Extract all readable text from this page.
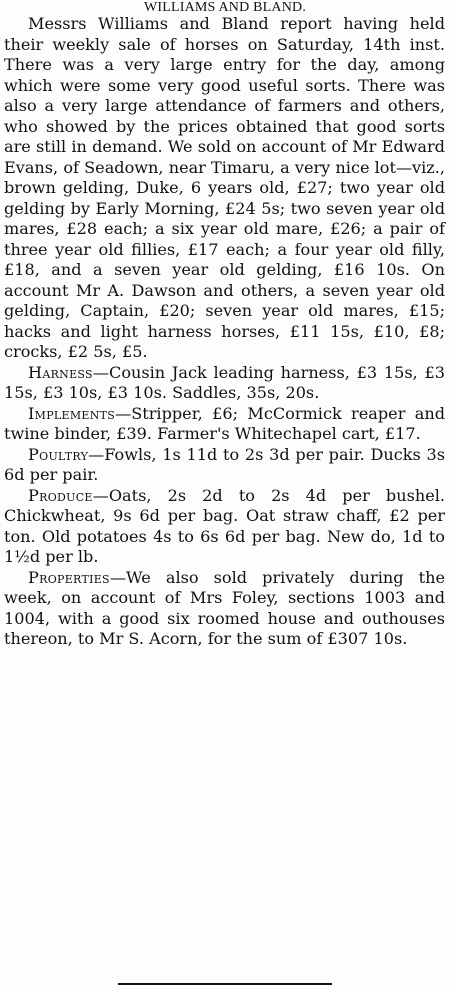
WILLIAMS AND BLAND.

Messrs Williams and Bland report having held their weekly sale of horses on Saturday, 14th inst. There was a very large entry for the day, among which were some very good useful sorts. There was also a very large attendance of farmers and others, who showed by the prices obtained that good sorts are still in demand. We sold on account of Mr Edward Evans, of Seadown, near Timaru, a very nice lot—viz., brown gelding, Duke, 6 years old, £27; two year old gelding by Early Morning, £24 5s; two seven year old mares, £28 each; a six year old mare, £26; a pair of three year old fillies, £17 each; a four year old filly, £18, and a seven year old gelding, £16 10s. On account Mr A. Dawson and others, a seven year old gelding, Captain, £20; seven year old mares, £15; hacks and light harness horses, £11 15s, £10, £8; crocks, £2 5s, £5.

Harness—Cousin Jack leading harness, £3 15s, £3 15s, £3 10s, £3 10s. Saddles, 35s, 20s.

Implements—Stripper, £6; McCormick reaper and twine binder, £39. Farmer's Whitechapel cart, £17.

Poultry—Fowls, 1s 11d to 2s 3d per pair. Ducks 3s 6d per pair.

Produce—Oats, 2s 2d to 2s 4d per bushel. Chickwheat, 9s 6d per bag. Oat straw chaff, £2 per ton. Old potatoes 4s to 6s 6d per bag. New do, 1d to 1½d per lb.

Properties—We also sold privately during the week, on account of Mrs Foley, sections 1003 and 1004, with a good six roomed house and outhouses thereon, to Mr S. Acorn, for the sum of £307 10s.
